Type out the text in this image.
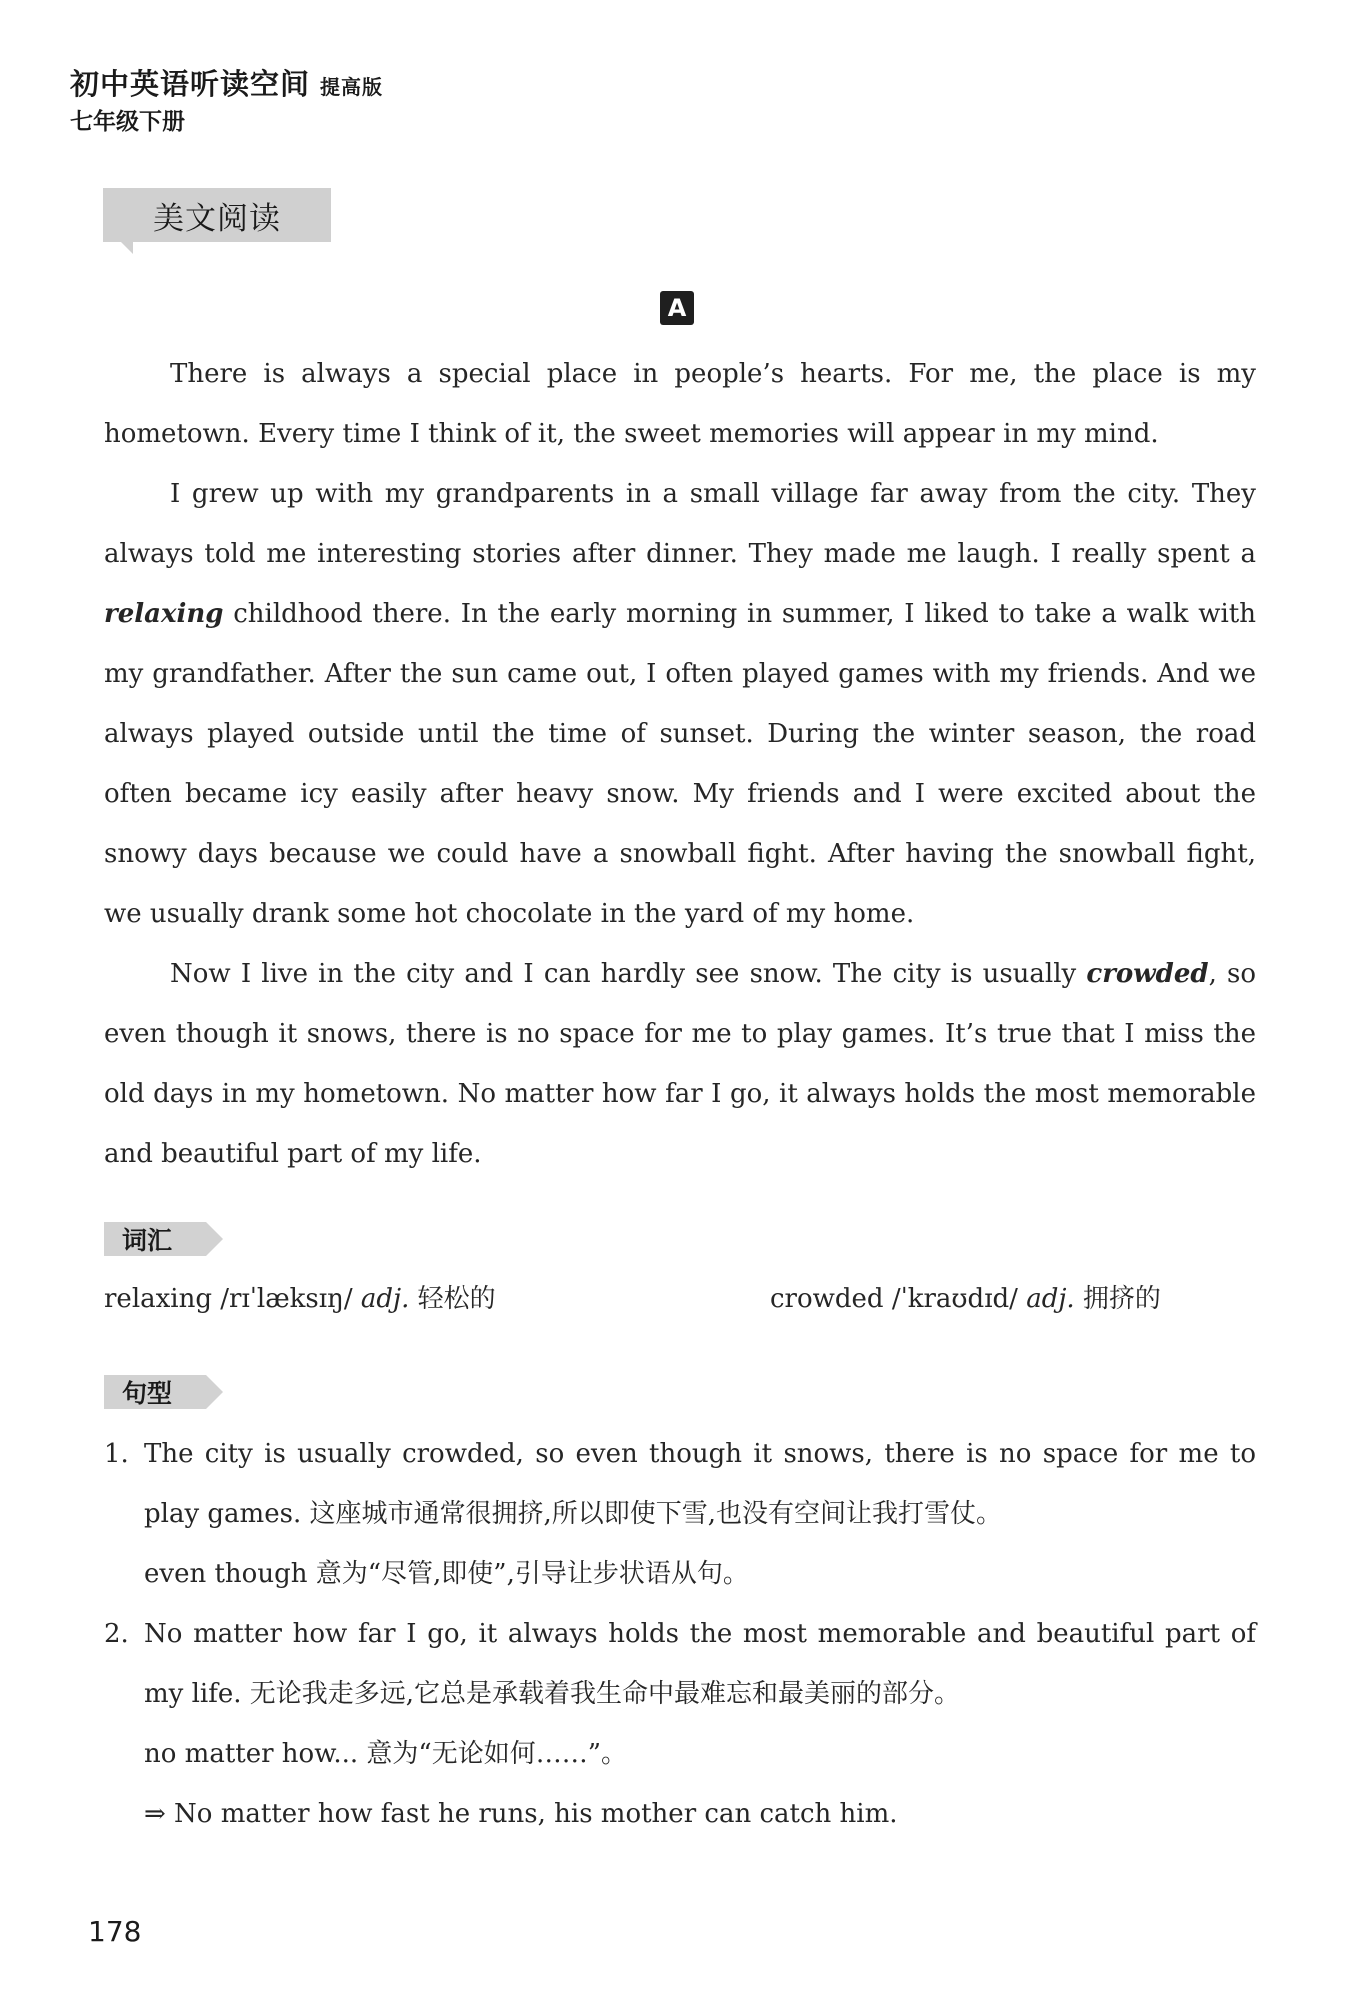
初中英语听读空间 提高版
七年级下册
美文阅读
A

There is always a special place in people’s hearts. For me, the place is my hometown. Every time I think of it, the sweet memories will appear in my mind.

I grew up with my grandparents in a small village far away from the city. They always told me interesting stories after dinner. They made me laugh. I really spent a relaxing childhood there. In the early morning in summer, I liked to take a walk with my grandfather. After the sun came out, I often played games with my friends. And we always played outside until the time of sunset. During the winter season, the road often became icy easily after heavy snow. My friends and I were excited about the snowy days because we could have a snowball fight. After having the snowball fight, we usually drank some hot chocolate in the yard of my home.

Now I live in the city and I can hardly see snow. The city is usually crowded, so even though it snows, there is no space for me to play games. It’s true that I miss the old days in my hometown. No matter how far I go, it always holds the most memorable and beautiful part of my life.

词汇
relaxing /rɪˈlæksɪŋ/ adj. 轻松的	crowded /ˈkraʊdɪd/ adj. 拥挤的
句型
1. The city is usually crowded, so even though it snows, there is no space for me to play games. 这座城市通常很拥挤,所以即使下雪,也没有空间让我打雪仗。
even though 意为“尽管,即使”,引导让步状语从句。
2. No matter how far I go, it always holds the most memorable and beautiful part of my life. 无论我走多远,它总是承载着我生命中最难忘和最美丽的部分。
no matter how... 意为“无论如何……”。
⇒ No matter how fast he runs, his mother can catch him.
178
